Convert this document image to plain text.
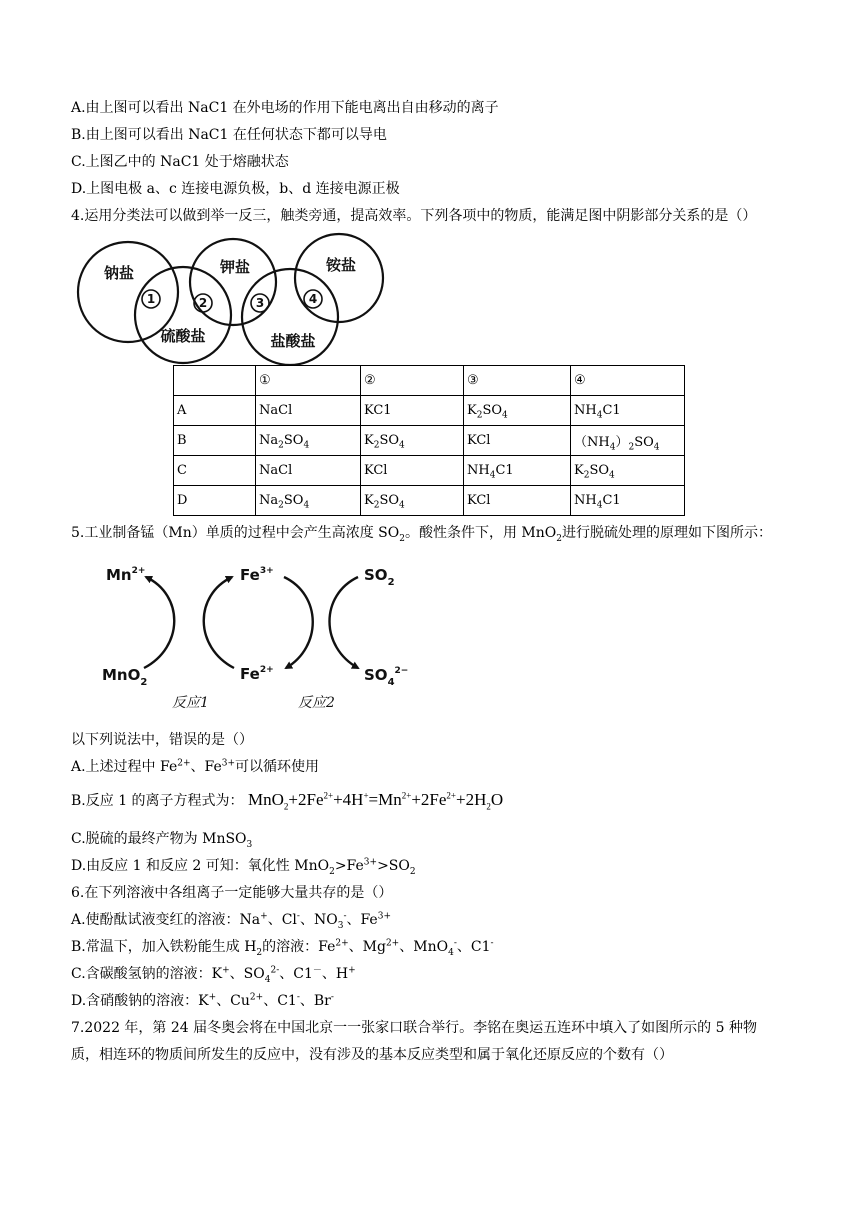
A.由上图可以看出 NaC1 在外电场的作用下能电离出自由移动的离子
B.由上图可以看出 NaC1 在任何状态下都可以导电
C.上图乙中的 NaC1 处于熔融状态
D.上图电极 a、c 连接电源负极，b、d 连接电源正极
4.运用分类法可以做到举一反三，触类旁通，提高效率。下列各项中的物质，能满足图中阴影部分关系的是（）
钠盐	钾盐	铵盐
硫酸盐	盐酸盐
1	2	3	4
	①	②	③	④
A	NaCl	KC1	$K_2SO_4$	$NH_4C1$
B	$Na_2SO_4$	$K_2SO_4$	KCl	$(NH_4)_2SO_4$
C	NaCl	KCl	$NH_4C1$	$K_2SO_4$
D	$Na_2SO_4$	$K_2SO_4$	KCl	$NH_4C1$
5.工业制备锰（Mn）单质的过程中会产生高浓度 $SO_2$。酸性条件下，用 MnO$_2$进行脱硫处理的原理如下图所示：
$Mn^{2+}$	$Fe^{3+}$	$SO_2$
MnO$_2$	$Fe^{2+}$	$SO_4^{2-}$
反应1	反应2
以下列说法中，错误的是（）
A.上述过程中 $Fe^{2+}$、$Fe^{3+}$可以循环使用
B.反应 1 的离子方程式为： $MnO_2+2Fe^{2+}+4H^+=Mn^{2+}+2Fe^{2+}+2H_2O$
C.脱硫的最终产物为 MnSO$_3$
D.由反应 1 和反应 2 可知：氧化性 $MnO_2>Fe^{3+}>SO_2$
6.在下列溶液中各组离子一定能够大量共存的是（）
A.使酚酞试液变红的溶液：Na+、Cl-、$NO_3^-$、$Fe^{3+}$
B.常温下，加入铁粉能生成 $H_2$的溶液：$Fe^{2+}$、$Mg^{2+}$、MnO$_4$-、C1-
C.含碳酸氢钠的溶液：K+、$SO_4^{2-}$、C1－、H+
D.含硝酸钠的溶液：K+、$Cu^{2+}$、C1-、Br-
7.2022 年，第 24 届冬奥会将在中国北京一一张家口联合举行。李铭在奥运五连环中填入了如图所示的 5 种物
质，相连环的物质间所发生的反应中，没有涉及的基本反应类型和属于氧化还原反应的个数有（）
